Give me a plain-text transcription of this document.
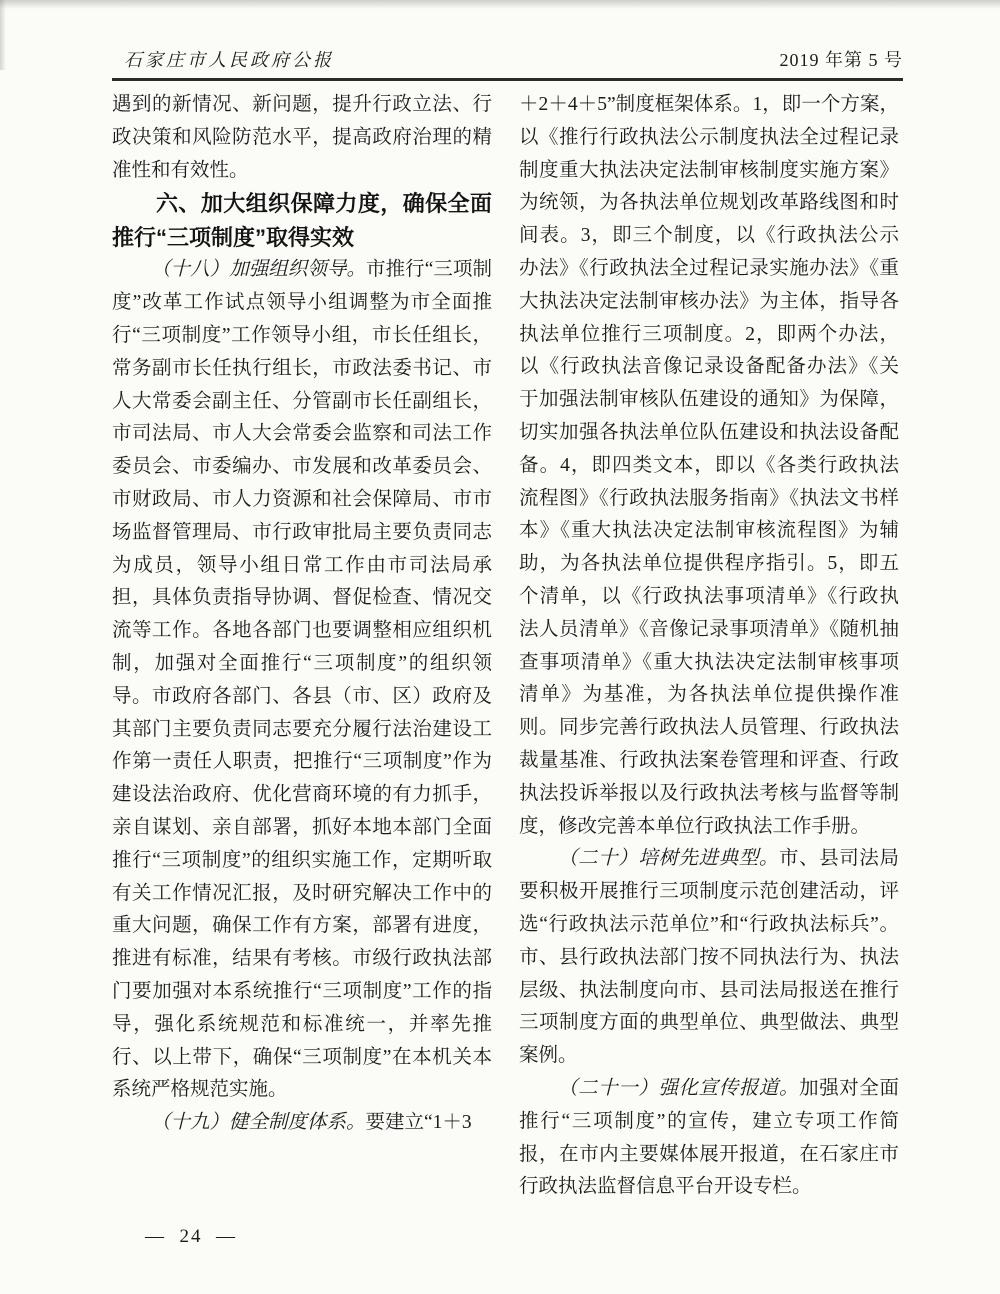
石家庄市人民政府公报	2019 年第 5 号

遇到的新情况、新问题，提升行政立法、行政决策和风险防范水平，提高政府治理的精准性和有效性。

六、加大组织保障力度，确保全面推行“三项制度”取得实效

（十八）加强组织领导。市推行“三项制度”改革工作试点领导小组调整为市全面推行“三项制度”工作领导小组，市长任组长，常务副市长任执行组长，市政法委书记、市人大常委会副主任、分管副市长任副组长，市司法局、市人大会常委会监察和司法工作委员会、市委编办、市发展和改革委员会、市财政局、市人力资源和社会保障局、市市场监督管理局、市行政审批局主要负责同志为成员，领导小组日常工作由市司法局承担，具体负责指导协调、督促检查、情况交流等工作。各地各部门也要调整相应组织机制，加强对全面推行“三项制度”的组织领导。市政府各部门、各县（市、区）政府及其部门主要负责同志要充分履行法治建设工作第一责任人职责，把推行“三项制度”作为建设法治政府、优化营商环境的有力抓手，亲自谋划、亲自部署，抓好本地本部门全面推行“三项制度”的组织实施工作，定期听取有关工作情况汇报，及时研究解决工作中的重大问题，确保工作有方案，部署有进度，推进有标准，结果有考核。市级行政执法部门要加强对本系统推行“三项制度”工作的指导，强化系统规范和标准统一，并率先推行、以上带下，确保“三项制度”在本机关本系统严格规范实施。

（十九）健全制度体系。要建立“1＋3

＋2＋4＋5”制度框架体系。1，即一个方案，以《推行行政执法公示制度执法全过程记录制度重大执法决定法制审核制度实施方案》为统领，为各执法单位规划改革路线图和时间表。3，即三个制度，以《行政执法公示办法》《行政执法全过程记录实施办法》《重大执法决定法制审核办法》为主体，指导各执法单位推行三项制度。2，即两个办法，以《行政执法音像记录设备配备办法》《关于加强法制审核队伍建设的通知》为保障，切实加强各执法单位队伍建设和执法设备配备。4，即四类文本，即以《各类行政执法流程图》《行政执法服务指南》《执法文书样本》《重大执法决定法制审核流程图》为辅助，为各执法单位提供程序指引。5，即五个清单，以《行政执法事项清单》《行政执法人员清单》《音像记录事项清单》《随机抽查事项清单》《重大执法决定法制审核事项清单》为基准，为各执法单位提供操作准则。同步完善行政执法人员管理、行政执法裁量基准、行政执法案卷管理和评查、行政执法投诉举报以及行政执法考核与监督等制度，修改完善本单位行政执法工作手册。

（二十）培树先进典型。市、县司法局要积极开展推行三项制度示范创建活动，评选“行政执法示范单位”和“行政执法标兵”。市、县行政执法部门按不同执法行为、执法层级、执法制度向市、县司法局报送在推行三项制度方面的典型单位、典型做法、典型案例。

（二十一）强化宣传报道。加强对全面推行“三项制度”的宣传，建立专项工作简报，在市内主要媒体展开报道，在石家庄市行政执法监督信息平台开设专栏。

—  24  —
